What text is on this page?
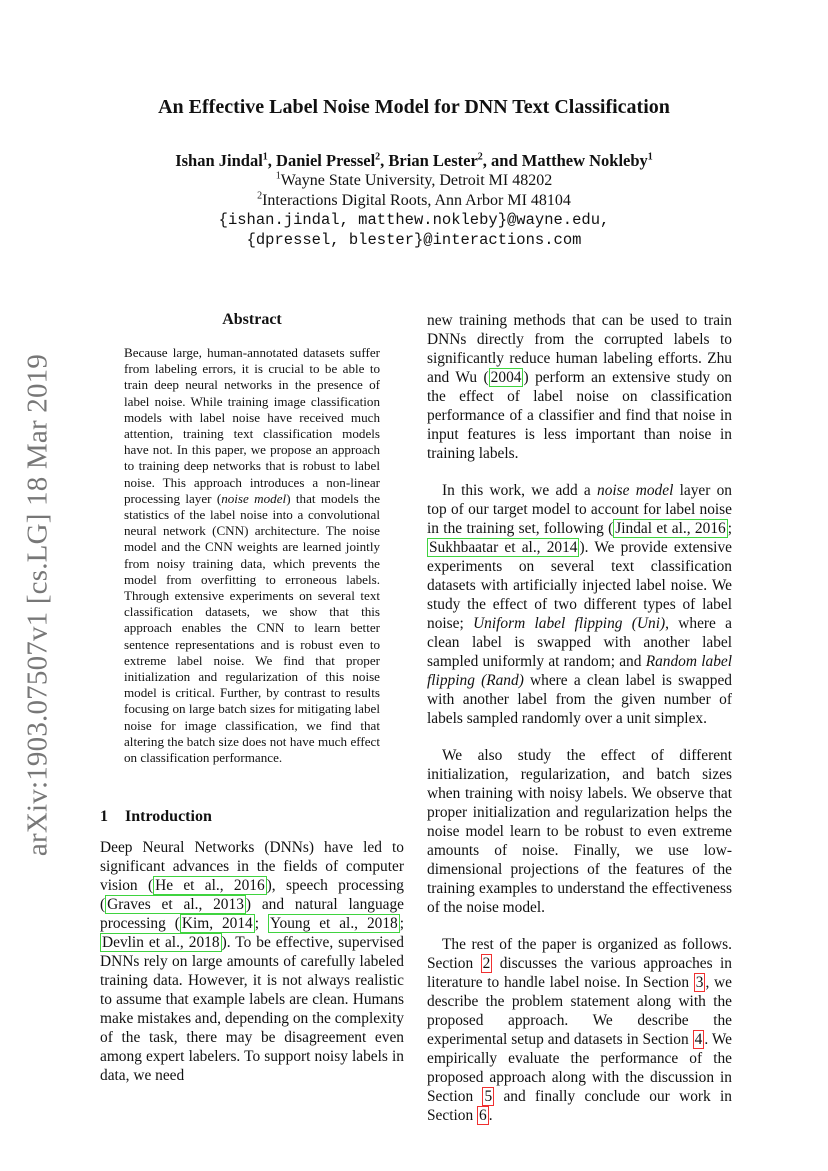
arXiv:1903.07507v1 [cs.LG] 18 Mar 2019
An Effective Label Noise Model for DNN Text Classification
Ishan Jindal$^1$, Daniel Pressel$^2$, Brian Lester$^2$, and Matthew Nokleby$^1$
$^1$Wayne State University, Detroit MI 48202
$^2$Interactions Digital Roots, Ann Arbor MI 48104
{ishan.jindal, matthew.nokleby}@wayne.edu,
{dpressel, blester}@interactions.com
Abstract

Because large, human-annotated datasets suffer from labeling errors, it is crucial to be able to train deep neural networks in the presence of label noise. While training image classification models with label noise have received much attention, training text classification models have not. In this paper, we propose an approach to training deep networks that is robust to label noise. This approach introduces a non-linear processing layer (noise model) that models the statistics of the label noise into a convolutional neural network (CNN) architecture. The noise model and the CNN weights are learned jointly from noisy training data, which prevents the model from overfitting to erroneous labels. Through extensive experiments on several text classification datasets, we show that this approach enables the CNN to learn better sentence representations and is robust even to extreme label noise. We find that proper initialization and regularization of this noise model is critical. Further, by contrast to results focusing on large batch sizes for mitigating label noise for image classification, we find that altering the batch size does not have much effect on classification performance.

1 Introduction

Deep Neural Networks (DNNs) have led to significant advances in the fields of computer vision ( He et al., 2016 ), speech processing ( Graves et al., 2013 ) and natural language processing ( Kim, 2014 ; Young et al., 2018 ; Devlin et al., 2018 ). To be effective, supervised DNNs rely on large amounts of carefully labeled training data. However, it is not always realistic to assume that example labels are clean. Humans make mistakes and, depending on the complexity of the task, there may be disagreement even among expert labelers. To support noisy labels in data, we need

new training methods that can be used to train DNNs directly from the corrupted labels to significantly reduce human labeling efforts. Zhu and Wu ( 2004 ) perform an extensive study on the effect of label noise on classification performance of a classifier and find that noise in input features is less important than noise in training labels.

In this work, we add a noise model layer on top of our target model to account for label noise in the training set, following ( Jindal et al., 2016 ; Sukhbaatar et al., 2014 ). We provide extensive experiments on several text classification datasets with artificially injected label noise. We study the effect of two different types of label noise; Uniform label flipping (Uni), where a clean label is swapped with another label sampled uniformly at random; and Random label flipping (Rand) where a clean label is swapped with another label from the given number of labels sampled randomly over a unit simplex.

We also study the effect of different initialization, regularization, and batch sizes when training with noisy labels. We observe that proper initialization and regularization helps the noise model learn to be robust to even extreme amounts of noise. Finally, we use low-dimensional projections of the features of the training examples to understand the effectiveness of the noise model.

The rest of the paper is organized as follows. Section 2 discusses the various approaches in literature to handle label noise. In Section 3 , we describe the problem statement along with the proposed approach. We describe the experimental setup and datasets in Section 4 . We empirically evaluate the performance of the proposed approach along with the discussion in Section 5 and finally conclude our work in Section 6 .
